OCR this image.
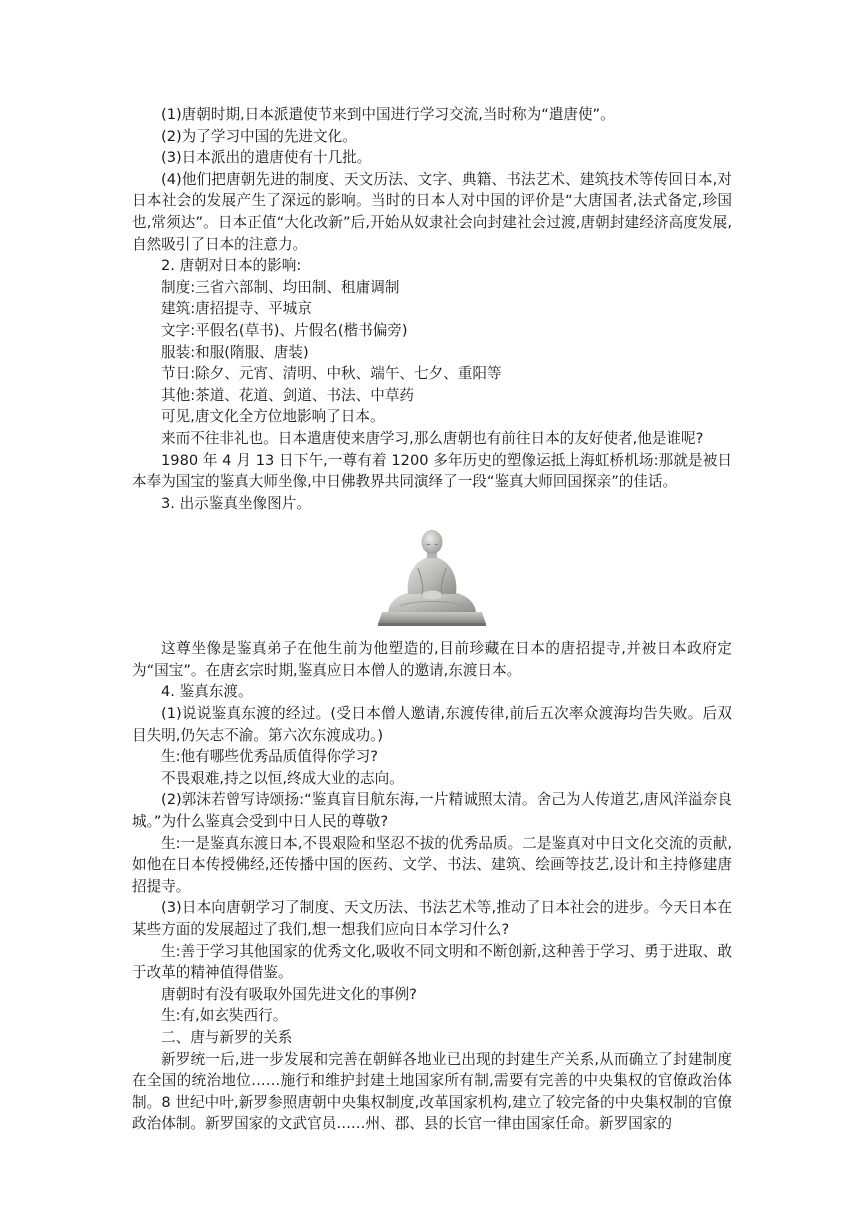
(1)唐朝时期,日本派遣使节来到中国进行学习交流,当时称为“遣唐使”。

(2)为了学习中国的先进文化。

(3)日本派出的遣唐使有十几批。

(4)他们把唐朝先进的制度、天文历法、文字、典籍、书法艺术、建筑技术等传回日本,对日本社会的发展产生了深远的影响。当时的日本人对中国的评价是“大唐国者,法式备定,珍国也,常须达”。日本正值“大化改新”后,开始从奴隶社会向封建社会过渡,唐朝封建经济高度发展,自然吸引了日本的注意力。

2. 唐朝对日本的影响:

制度:三省六部制、均田制、租庸调制

建筑:唐招提寺、平城京

文字:平假名(草书)、片假名(楷书偏旁)

服装:和服(隋服、唐装)

节日:除夕、元宵、清明、中秋、端午、七夕、重阳等

其他:茶道、花道、剑道、书法、中草药

可见,唐文化全方位地影响了日本。

来而不往非礼也。日本遣唐使来唐学习,那么唐朝也有前往日本的友好使者,他是谁呢?

1980 年 4 月 13 日下午,一尊有着 1200 多年历史的塑像运抵上海虹桥机场:那就是被日本奉为国宝的鉴真大师坐像,中日佛教界共同演绎了一段“鉴真大师回国探亲”的佳话。

3. 出示鉴真坐像图片。

这尊坐像是鉴真弟子在他生前为他塑造的,目前珍藏在日本的唐招提寺,并被日本政府定为“国宝”。在唐玄宗时期,鉴真应日本僧人的邀请,东渡日本。

4. 鉴真东渡。

(1)说说鉴真东渡的经过。(受日本僧人邀请,东渡传律,前后五次率众渡海均告失败。后双目失明,仍矢志不渝。第六次东渡成功。)

生:他有哪些优秀品质值得你学习?

不畏艰难,持之以恒,终成大业的志向。

(2)郭沫若曾写诗颂扬:“鉴真盲目航东海,一片精诚照太清。舍己为人传道艺,唐风洋溢奈良城。”为什么鉴真会受到中日人民的尊敬?

生:一是鉴真东渡日本,不畏艰险和坚忍不拔的优秀品质。二是鉴真对中日文化交流的贡献,如他在日本传授佛经,还传播中国的医药、文学、书法、建筑、绘画等技艺,设计和主持修建唐招提寺。

(3)日本向唐朝学习了制度、天文历法、书法艺术等,推动了日本社会的进步。今天日本在某些方面的发展超过了我们,想一想我们应向日本学习什么?

生:善于学习其他国家的优秀文化,吸收不同文明和不断创新,这种善于学习、勇于进取、敢于改革的精神值得借鉴。

唐朝时有没有吸取外国先进文化的事例?

生:有,如玄奘西行。

二、唐与新罗的关系

新罗统一后,进一步发展和完善在朝鲜各地业已出现的封建生产关系,从而确立了封建制度在全国的统治地位……施行和维护封建土地国家所有制,需要有完善的中央集权的官僚政治体制。8 世纪中叶,新罗参照唐朝中央集权制度,改革国家机构,建立了较完备的中央集权制的官僚政治体制。新罗国家的文武官员……州、郡、县的长官一律由国家任命。新罗国家的
